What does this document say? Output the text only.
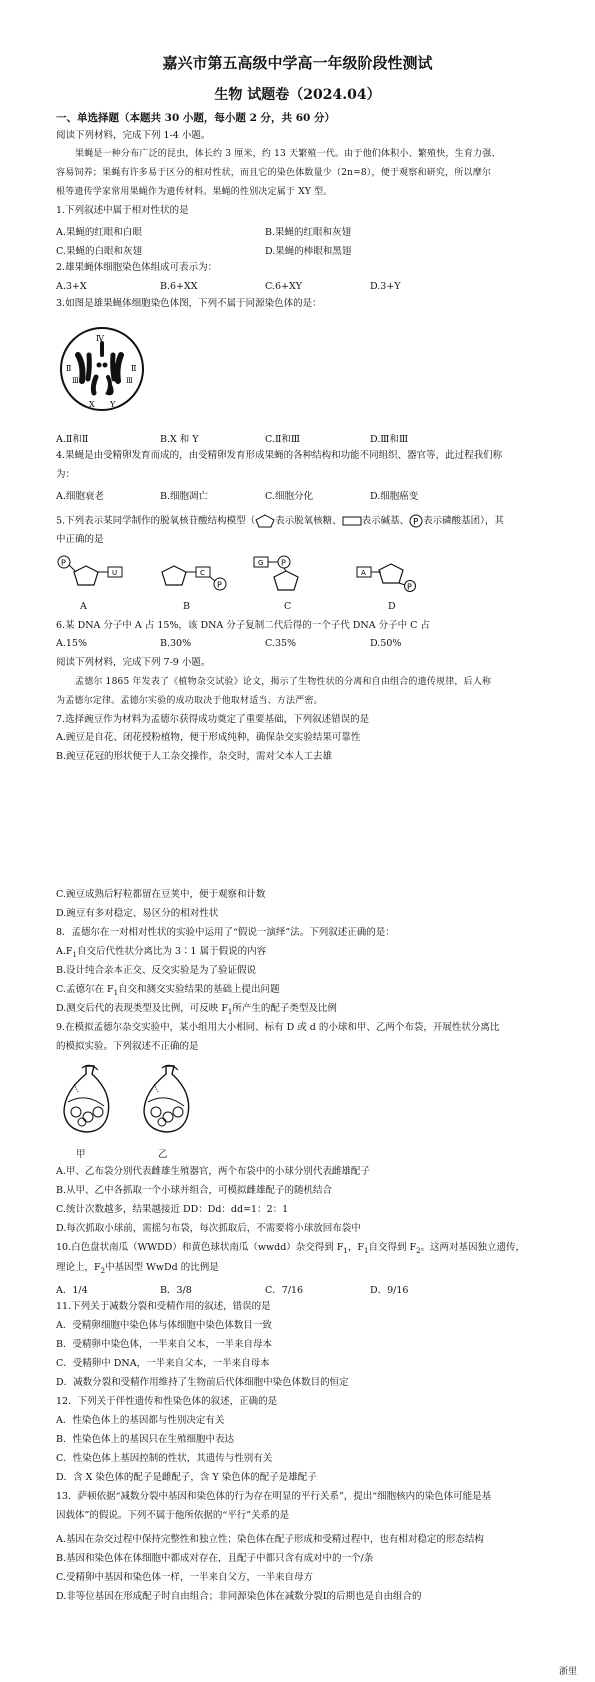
嘉兴市第五高级中学高一年级阶段性测试
生物 试题卷（2024.04）
一、单选择题（本题共 30 小题，每小题 2 分，共 60 分）
阅读下列材料，完成下列 1-4 小题。
果蝇是一种分布广泛的昆虫，体长约 3 厘米，约 13 天繁殖一代。由于他们体积小、繁殖快，生育力强、
容易饲养；果蝇有许多易于区分的相对性状，而且它的染色体数量少（2n=8），便于观察和研究，所以摩尔
根等遗传学家常用果蝇作为遗传材料。果蝇的性别决定属于 XY 型。
1.下列叙述中属于相对性状的是
A.果蝇的红眼和白眼	B.果蝇的红眼和灰翅
C.果蝇的白眼和灰翅	D.果蝇的棒眼和黑翅
2.雄果蝇体细胞染色体组成可表示为：
A.3+X	B.6+XX	C.6+XY	D.3+Y
3.如图是雄果蝇体细胞染色体图，下列不属于同源染色体的是：
Ⅳ
Ⅱ
Ⅲ	Ⅲ
Ⅱ
X Y
A.Ⅱ和Ⅱ	B.X 和 Y	C.Ⅱ和Ⅲ	D.Ⅲ和Ⅲ
4.果蝇是由受精卵发育而成的，由受精卵发育形成果蝇的各种结构和功能不同组织、器官等，此过程我们称
为：
A.细胞衰老	B.细胞凋亡	C.细胞分化	D.细胞癌变
5.下列表示某同学制作的脱氧核苷酸结构模型（ 表示脱氧核糖、 表示碱基、 P 表示磷酸基团），其
中正确的是
P
U	C
P
G P
A
P
A	B	C	D
6.某 DNA 分子中 A 占 15%，该 DNA 分子复制二代后得的一个子代 DNA 分子中 C 占
A.15%	B.30%	C.35%	D.50%
阅读下列材料，完成下列 7-9 小题。
孟德尔 1865 年发表了《植物杂交试验》论文，揭示了生物性状的分离和自由组合的遗传规律，后人称
为孟德尔定律。孟德尔实验的成功取决于他取材适当、方法严密。
7.选择豌豆作为材料为孟德尔获得成功奠定了重要基础，下列叙述错误的是
A.豌豆是自花、闭花授粉植物，便于形成纯种，确保杂交实验结果可靠性
B.豌豆花冠的形状便于人工杂交操作，杂交时，需对父本人工去雄
C.豌豆成熟后籽粒都留在豆荚中，便于观察和计数
D.豌豆有多对稳定、易区分的相对性状
8．孟德尔在一对相对性状的实验中运用了“假说一演绎”法。下列叙述正确的是：
$A.F_1$自交后代性状分离比为 3∶1 属于假说的内容
B.设计纯合亲本正交、反交实验是为了验证假说
C.孟德尔在 $F_1$自交和测交实验结果的基础上提出问题
D.测交后代的表现类型及比例，可反映 $F_1$所产生的配子类型及比例
9.在模拟孟德尔杂交实验中，某小组用大小相同、标有 D 或 d 的小球和甲、乙两个布袋，开展性状分离比
的模拟实验。下列叙述不正确的是
甲	乙
A.甲、乙布袋分别代表雌雄生殖器官，两个布袋中的小球分别代表雌雄配子
B.从甲、乙中各抓取一个小球并组合，可模拟雌雄配子的随机结合
C.统计次数越多，结果越接近 DD：Dd：dd=1：2：1
D.每次抓取小球前，需摇匀布袋，每次抓取后，不需要将小球放回布袋中
10.白色盘状南瓜（WWDD）和黄色球状南瓜（wwdd）杂交得到 $F_1$，$F_1$自交得到 $F_2$。这两对基因独立遗传，
理论上，$F_2$中基因型 WwDd 的比例是
A．1/4	B．3/8	C．7/16	D．9/16
11.下列关于减数分裂和受精作用的叙述，错误的是
A．受精卵细胞中染色体与体细胞中染色体数目一致
B．受精卵中染色体，一半来自父本，一半来自母本
C．受精卵中 DNA，一半来自父本，一半来自母本
D．减数分裂和受精作用维持了生物前后代体细胞中染色体数目的恒定
12．下列关于伴性遗传和性染色体的叙述，正确的是
A．性染色体上的基因都与性别决定有关
B．性染色体上的基因只在生殖细胞中表达
C．性染色体上基因控制的性状，其遗传与性别有关
D．含 X 染色体的配子是雌配子，含 Y 染色体的配子是雄配子
13．萨顿依据“减数分裂中基因和染色体的行为存在明显的平行关系”，提出“细胞核内的染色体可能是基
因载体”的假说。下列不属于他所依据的“平行”关系的是
A.基因在杂交过程中保持完整性和独立性；染色体在配子形成和受精过程中，也有相对稳定的形态结构
B.基因和染色体在体细胞中都成对存在，且配子中都只含有成对中的一个/条
C.受精卵中基因和染色体一样，一半来自父方，一半来自母方
D.非等位基因在形成配子时自由组合；非同源染色体在减数分裂Ⅰ的后期也是自由组合的
浙里
